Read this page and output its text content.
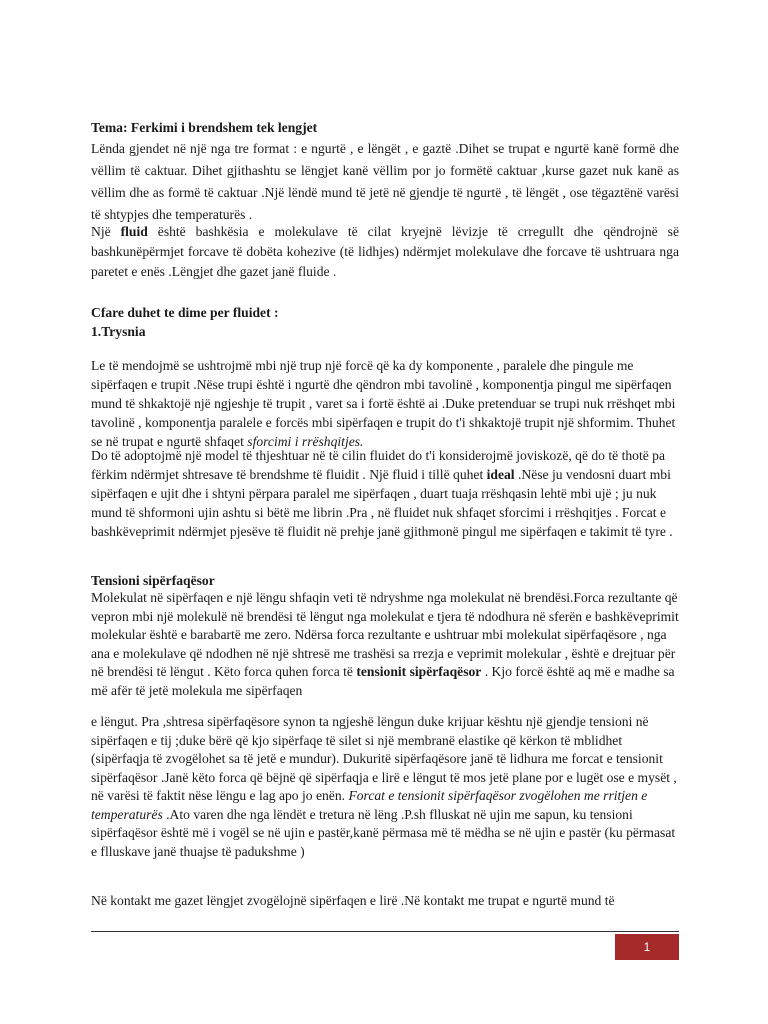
Tema: Ferkimi i brendshem tek lengjet
Lënda gjendet në një nga tre format : e ngurtë , e lëngët , e gaztë .Dihet se trupat e ngurtë kanë formë dhe vëllim të caktuar. Dihet gjithashtu se lëngjet kanë vëllim por jo formëtë caktuar ,kurse gazet nuk kanë as vëllim dhe as formë të caktuar .Një lëndë mund të jetë në gjendje të ngurtë , të lëngët , ose tëgaztënë varësi të shtypjes dhe temperaturës .
Një fluid është bashkësia e molekulave të cilat kryejnë lëvizje të crregullt dhe qëndrojnë së bashkunëpërmjet forcave të dobëta kohezive (të lidhjes) ndërmjet molekulave dhe forcave të ushtruara nga paretet e enës .Lëngjet dhe gazet janë fluide .
Cfare duhet te dime per fluidet :
1.Trysnia
Le të mendojmë se ushtrojmë mbi një trup një forcë që ka dy komponente , paralele dhe pingule me sipërfaqen e trupit .Nëse trupi është i ngurtë dhe qëndron mbi tavolinë , komponentja pingul me sipërfaqen mund të shkaktojë një ngjeshje të trupit , varet sa i fortë është ai .Duke pretenduar se trupi nuk rrëshqet mbi tavolinë , komponentja paralele e forcës mbi sipërfaqen e trupit do t'i shkaktojë trupit një shformim. Thuhet se në trupat e ngurtë shfaqet sforcimi i rrëshqitjes.
Do të adoptojmë një model të thjeshtuar në të cilin fluidet do t'i konsiderojmë joviskozë, që do të thotë pa fërkim ndërmjet shtresave të brendshme të fluidit . Një fluid i tillë quhet ideal .Nëse ju vendosni duart mbi sipërfaqen e ujit dhe i shtyni përpara paralel me sipërfaqen , duart tuaja rrëshqasin lehtë mbi ujë ; ju nuk mund të shformoni ujin ashtu si bëtë me librin .Pra , në fluidet nuk shfaqet sforcimi i rrëshqitjes . Forcat e bashkëveprimit ndërmjet pjesëve të fluidit në prehje janë gjithmonë pingul me sipërfaqen e takimit të tyre .
Tensioni sipërfaqësor
Molekulat në sipërfaqen e një lëngu shfaqin veti të ndryshme nga molekulat në brendësi.Forca rezultante që vepron mbi një molekulë në brendësi të lëngut nga molekulat e tjera të ndodhura në sferën e bashkëveprimit molekular është e barabartë me zero. Ndërsa forca rezultante e ushtruar mbi molekulat sipërfaqësore , nga ana e molekulave që ndodhen në një shtresë me trashësi sa rrezja e veprimit molekular , është e drejtuar për në brendësi të lëngut . Këto forca quhen forca të tensionit sipërfaqësor . Kjo forcë është aq më e madhe sa më afër të jetë molekula me sipërfaqen
e lëngut. Pra ,shtresa sipërfaqësore synon ta ngjeshë lëngun duke krijuar kështu një gjendje tensioni në sipërfaqen e tij ;duke bërë që kjo sipërfaqe të silet si një membranë elastike që kërkon të mblidhet (sipërfaqja të zvogëlohet sa të jetë e mundur). Dukuritë sipërfaqësore janë të lidhura me forcat e tensionit sipërfaqësor .Janë këto forca që bëjnë që sipërfaqja e lirë e lëngut të mos jetë plane por e lugët ose e mysët , në varësi të faktit nëse lëngu e lag apo jo enën. Forcat e tensionit sipërfaqësor zvogëlohen me rritjen e temperaturës .Ato varen dhe nga lëndët e tretura në lëng .P.sh flluskat në ujin me sapun, ku tensioni sipërfaqësor është më i vogël se në ujin e pastër,kanë përmasa më të mëdha se në ujin e pastër (ku përmasat e flluskave janë thuajse të padukshme )
Në kontakt me gazet lëngjet zvogëlojnë sipërfaqen e lirë .Në kontakt me trupat e ngurtë mund të
1
